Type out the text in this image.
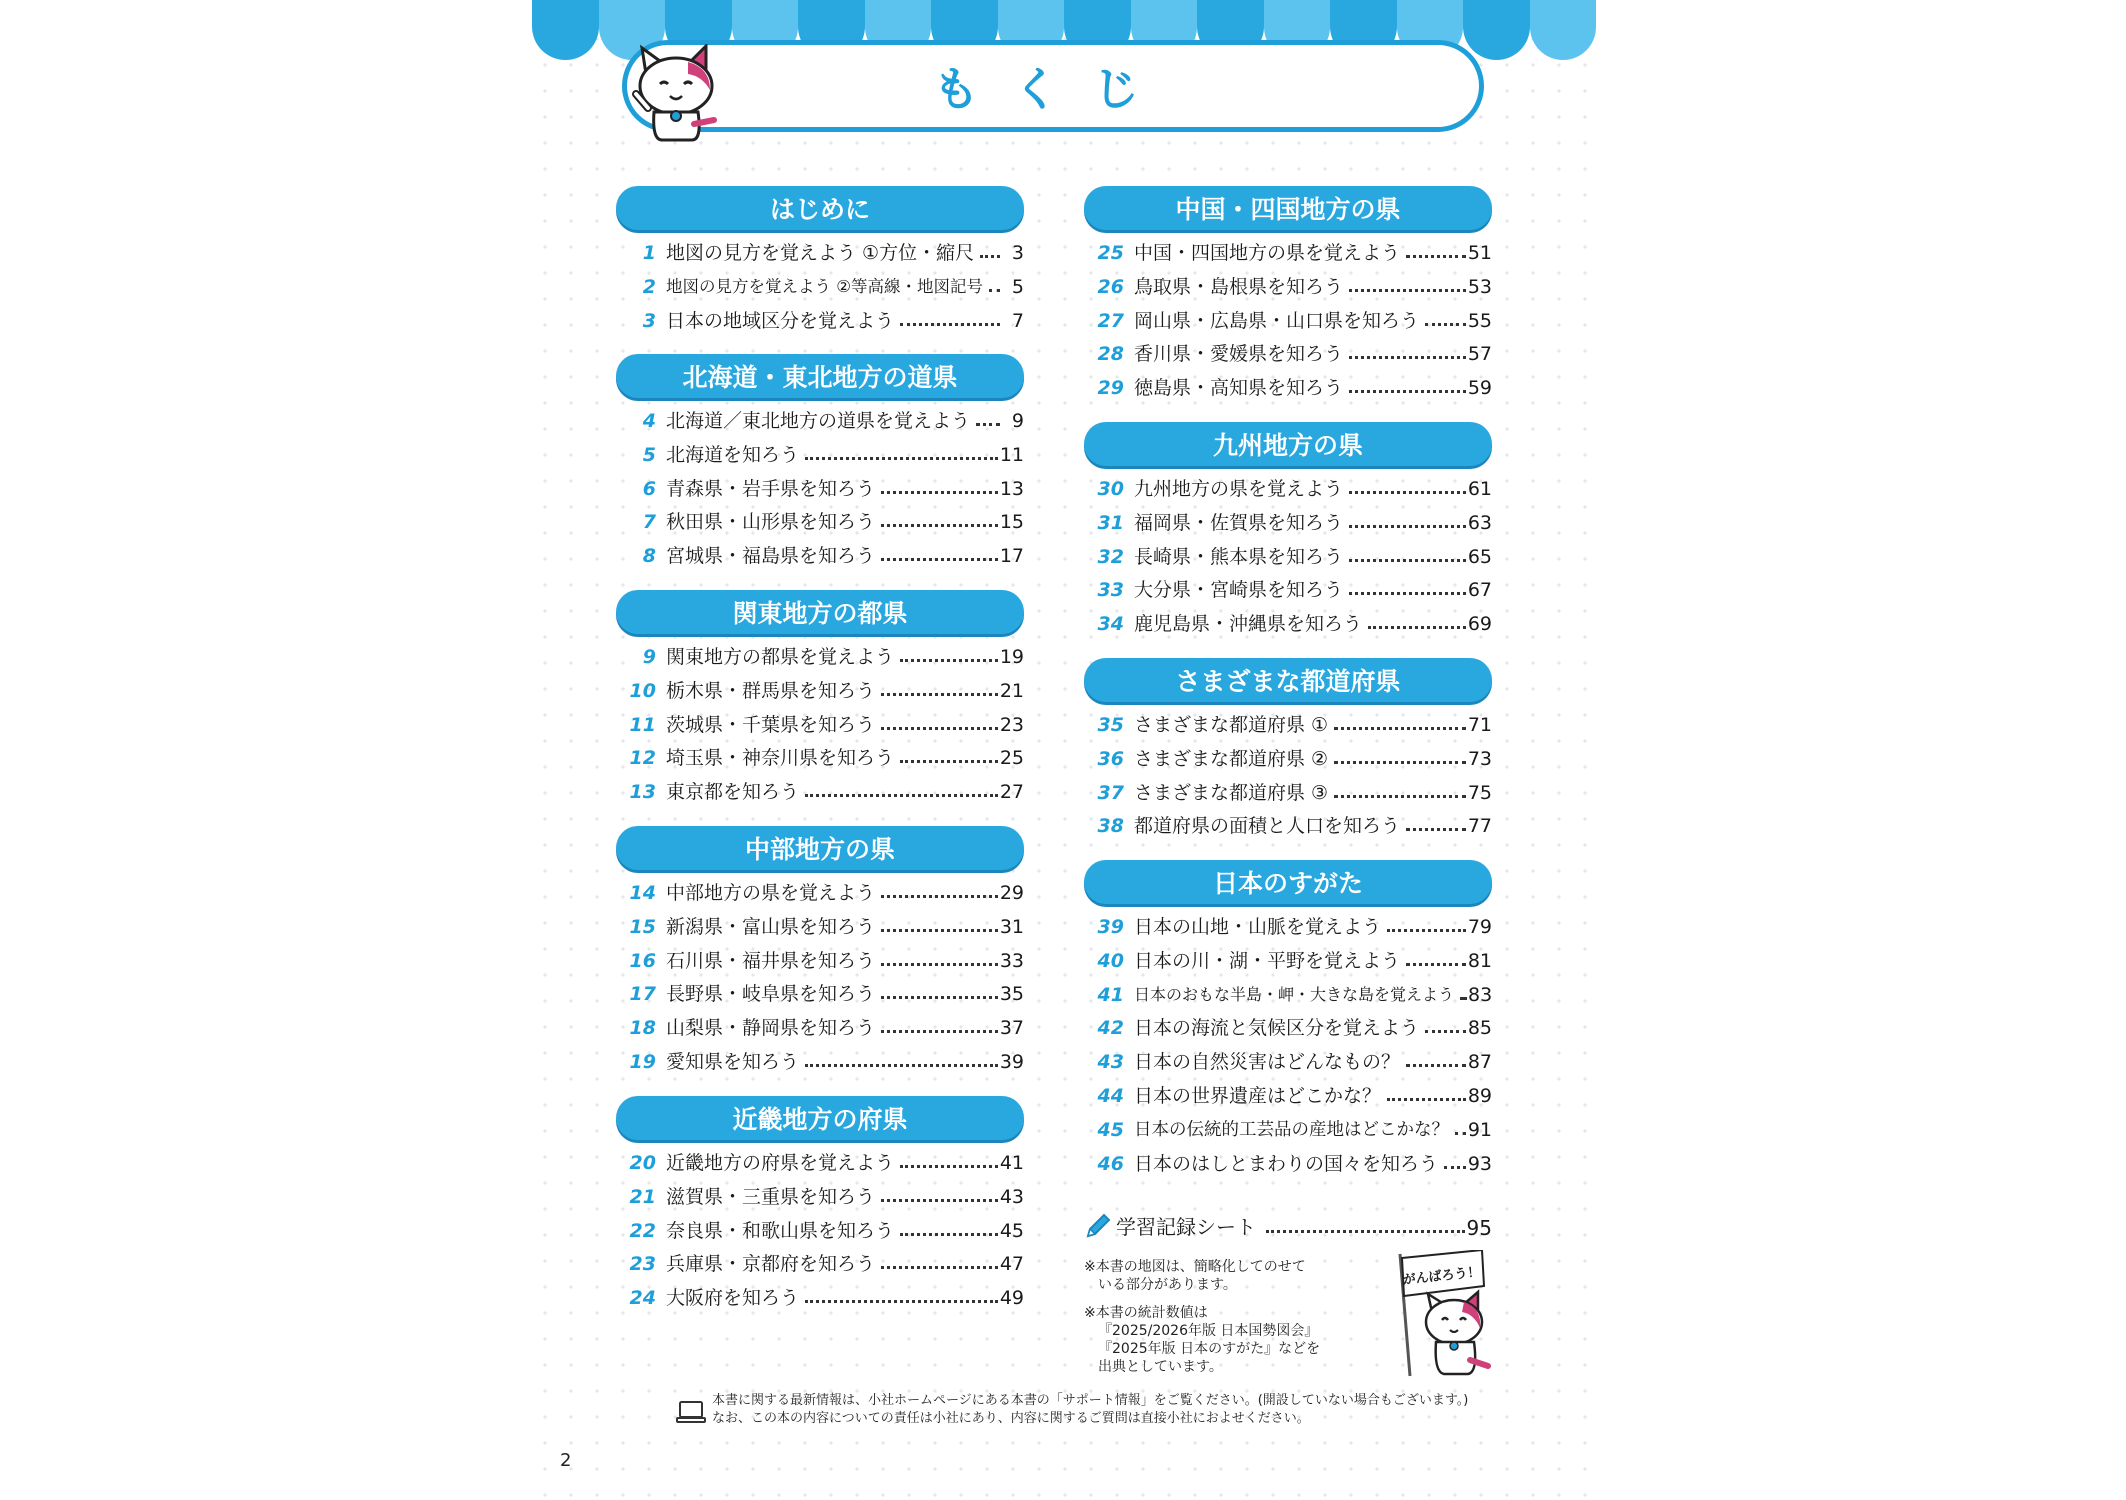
もくじ
はじめに
1 地図の見方を覚えよう ①方位・縮尺	3
2 地図の見方を覚えよう ②等高線・地図記号	5
3 日本の地域区分を覚えよう	7
北海道・東北地方の道県
4 北海道／東北地方の道県を覚えよう	9
5 北海道を知ろう	11
6 青森県・岩手県を知ろう	13
7 秋田県・山形県を知ろう	15
8 宮城県・福島県を知ろう	17
関東地方の都県
9 関東地方の都県を覚えよう	19
10 栃木県・群馬県を知ろう	21
11 茨城県・千葉県を知ろう	23
12 埼玉県・神奈川県を知ろう	25
13 東京都を知ろう	27
中部地方の県
14 中部地方の県を覚えよう	29
15 新潟県・富山県を知ろう	31
16 石川県・福井県を知ろう	33
17 長野県・岐阜県を知ろう	35
18 山梨県・静岡県を知ろう	37
19 愛知県を知ろう	39
近畿地方の府県
20 近畿地方の府県を覚えよう	41
21 滋賀県・三重県を知ろう	43
22 奈良県・和歌山県を知ろう	45
23 兵庫県・京都府を知ろう	47
24 大阪府を知ろう	49
中国・四国地方の県
25 中国・四国地方の県を覚えよう	51
26 鳥取県・島根県を知ろう	53
27 岡山県・広島県・山口県を知ろう	55
28 香川県・愛媛県を知ろう	57
29 徳島県・高知県を知ろう	59
九州地方の県
30 九州地方の県を覚えよう	61
31 福岡県・佐賀県を知ろう	63
32 長崎県・熊本県を知ろう	65
33 大分県・宮崎県を知ろう	67
34 鹿児島県・沖縄県を知ろう	69
さまざまな都道府県
35 さまざまな都道府県 ①	71
36 さまざまな都道府県 ②	73
37 さまざまな都道府県 ③	75
38 都道府県の面積と人口を知ろう	77
日本のすがた
39 日本の山地・山脈を覚えよう	79
40 日本の川・湖・平野を覚えよう	81
41 日本のおもな半島・岬・大きな島を覚えよう 83
42 日本の海流と気候区分を覚えよう	85
43 日本の自然災害はどんなもの？	87
44 日本の世界遺産はどこかな？	89
45 日本の伝統的工芸品の産地はどこかな？ 91
46 日本のはしとまわりの国々を知ろう 93
学習記録シート	95

※本書の地図は、簡略化してのせて
いる部分があります。

※本書の統計数値は
『2025/2026年版 日本国勢図会』
『2025年版 日本のすがた』などを
出典としています。

がんばろう！
本書に関する最新情報は、小社ホームページにある本書の「サポート情報」をご覧ください。(開設していない場合もございます。)
なお、この本の内容についての責任は小社にあり、内容に関するご質問は直接小社におよせください。
2
